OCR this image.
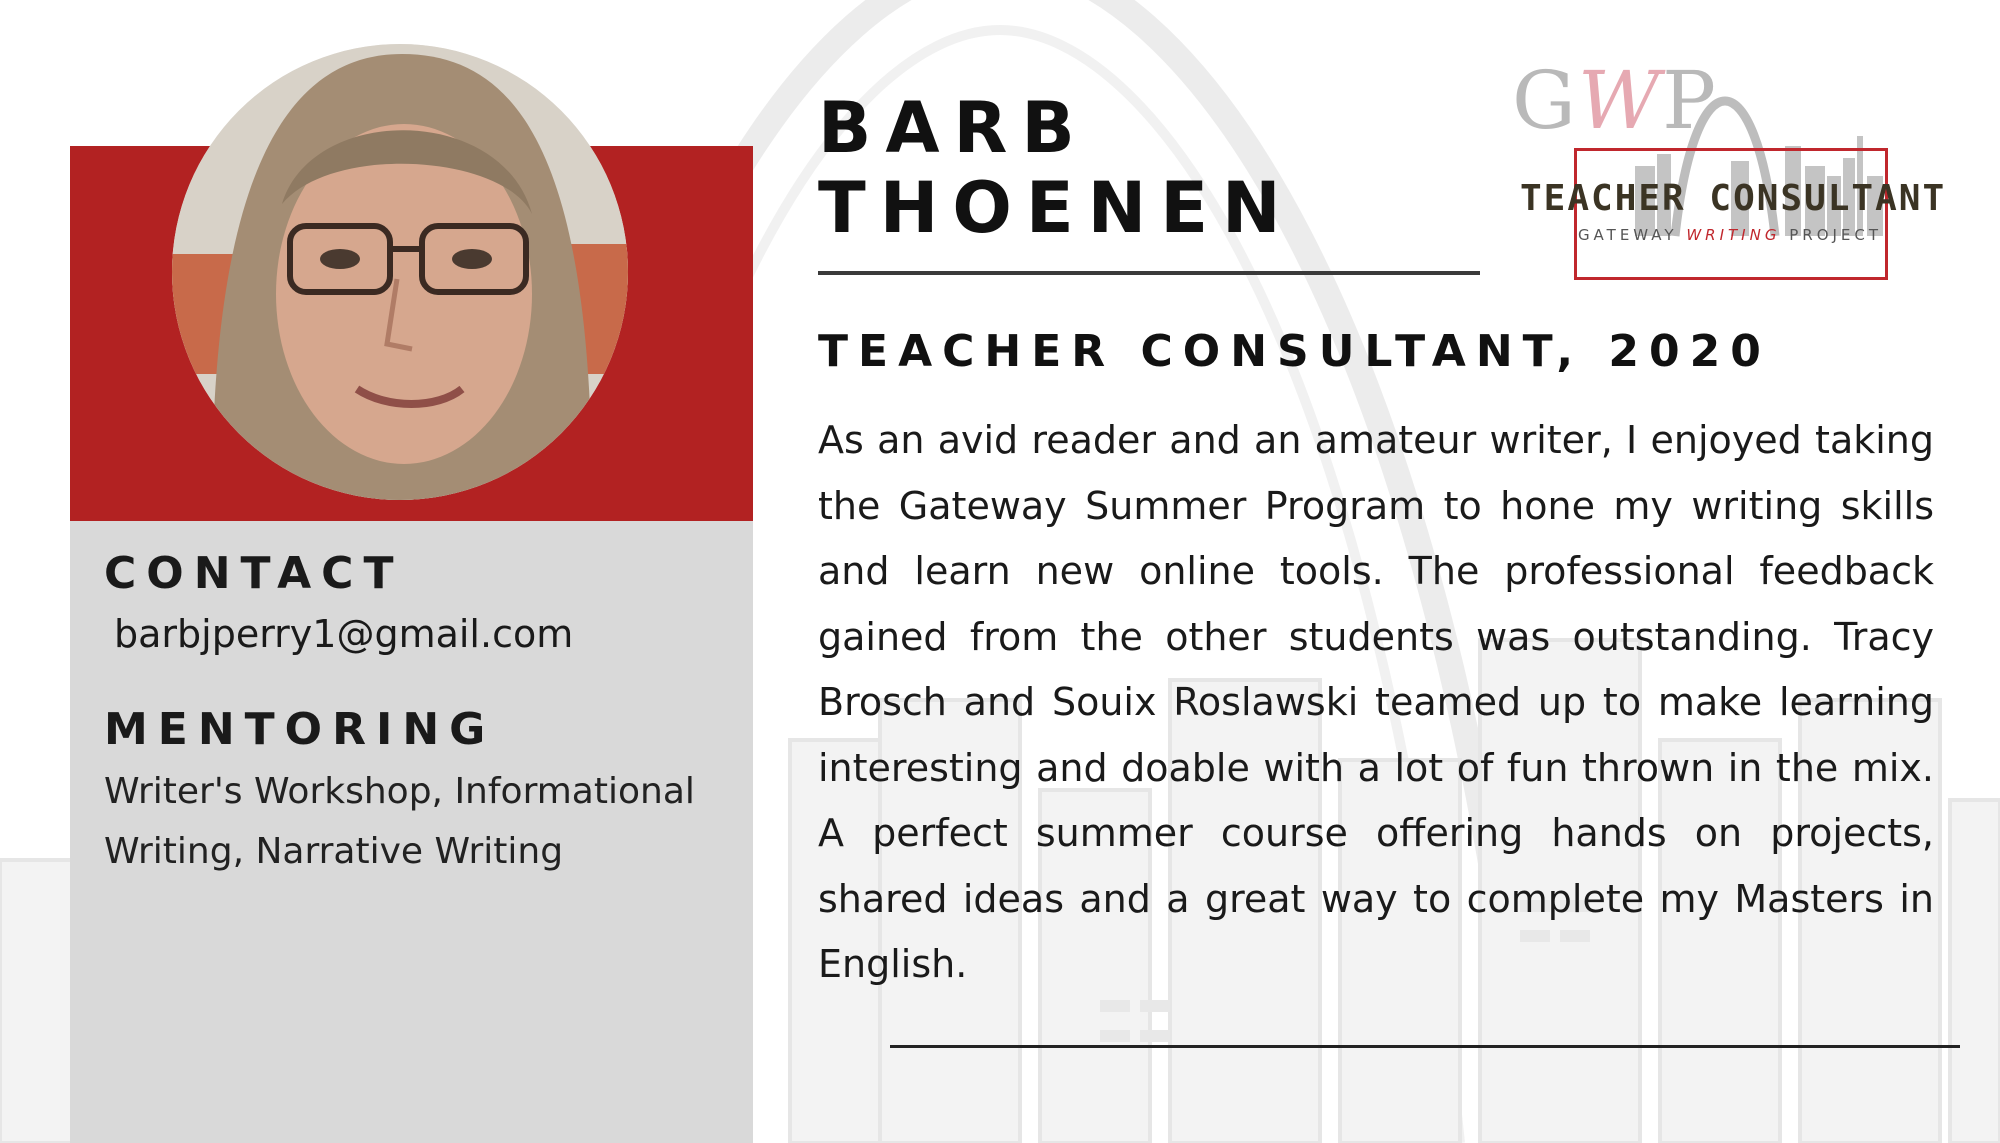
CONTACT
barbjperry1@gmail.com
MENTORING
Writer's Workshop, Informational Writing, Narrative Writing
BARB
THOENEN
TEACHER CONSULTANT, 2020

As an avid reader and an amateur writer, I enjoyed taking the Gateway Summer Program to hone my writing skills and learn new online tools. The professional feedback gained from the other students was outstanding. Tracy Brosch and Souix Roslawski teamed up to make learning interesting and doable with a lot of fun thrown in the mix. A perfect summer course offering hands on projects, shared ideas and a great way to complete my Masters in English.

GWP
TEACHER CONSULTANT
GATEWAY WRITING PROJECT
